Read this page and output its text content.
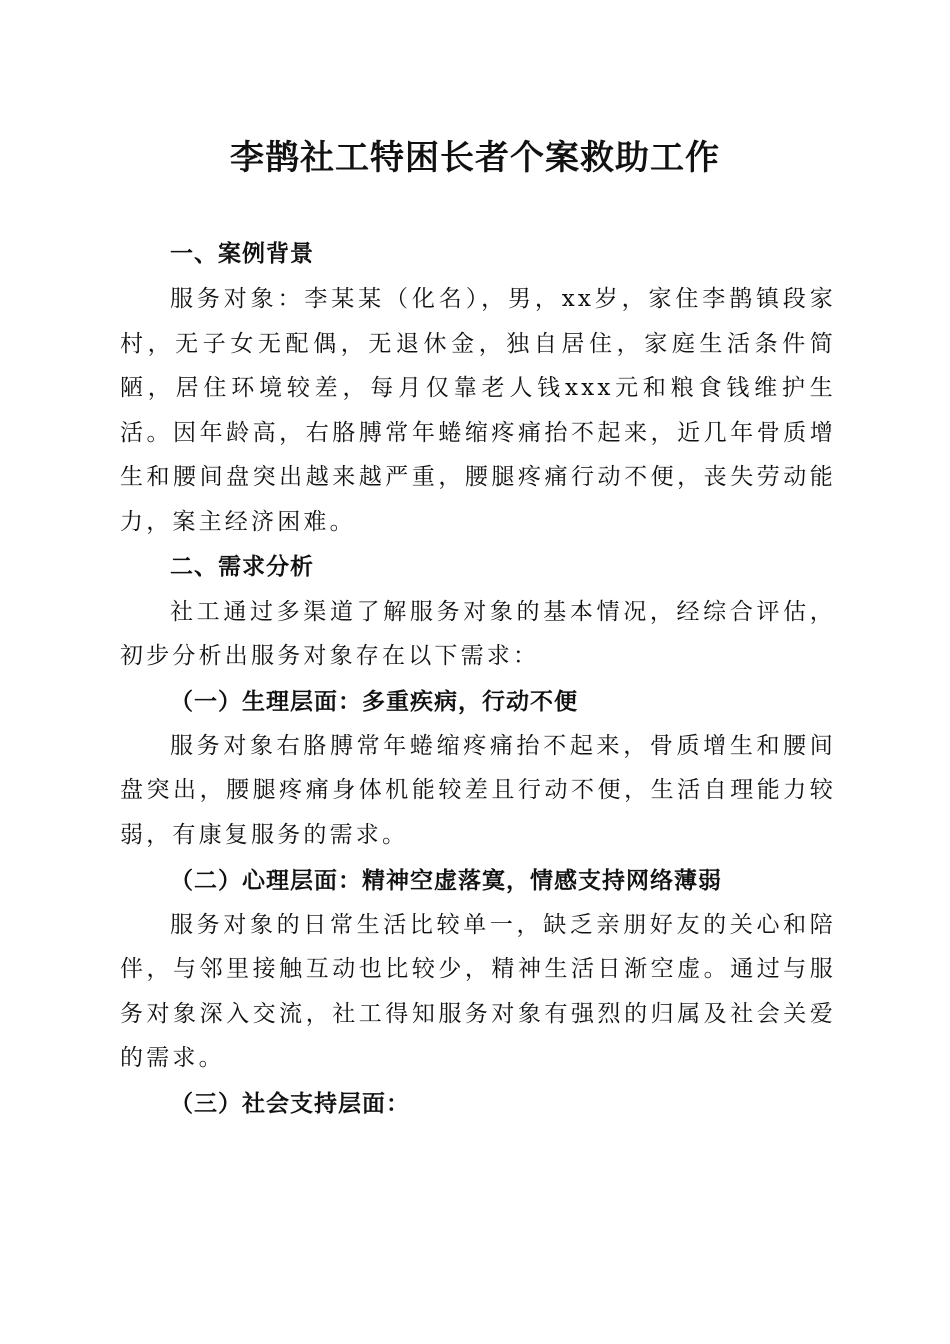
李鹊社工特困长者个案救助工作
一、案例背景

服务对象：李某某（化名），男，xx岁，家住李鹊镇段家村，无子女无配偶，无退休金，独自居住，家庭生活条件简陋，居住环境较差，每月仅靠老人钱xxx元和粮食钱维护生活。因年龄高，右胳膊常年蜷缩疼痛抬不起来，近几年骨质增生和腰间盘突出越来越严重，腰腿疼痛行动不便，丧失劳动能力，案主经济困难。

二、需求分析

社工通过多渠道了解服务对象的基本情况，经综合评估，初步分析出服务对象存在以下需求：

（一）生理层面：多重疾病，行动不便

服务对象右胳膊常年蜷缩疼痛抬不起来，骨质增生和腰间盘突出，腰腿疼痛身体机能较差且行动不便，生活自理能力较弱，有康复服务的需求。

（二）心理层面：精神空虚落寞，情感支持网络薄弱

服务对象的日常生活比较单一，缺乏亲朋好友的关心和陪伴，与邻里接触互动也比较少，精神生活日渐空虚。通过与服务对象深入交流，社工得知服务对象有强烈的归属及社会关爱的需求。

（三）社会支持层面：
